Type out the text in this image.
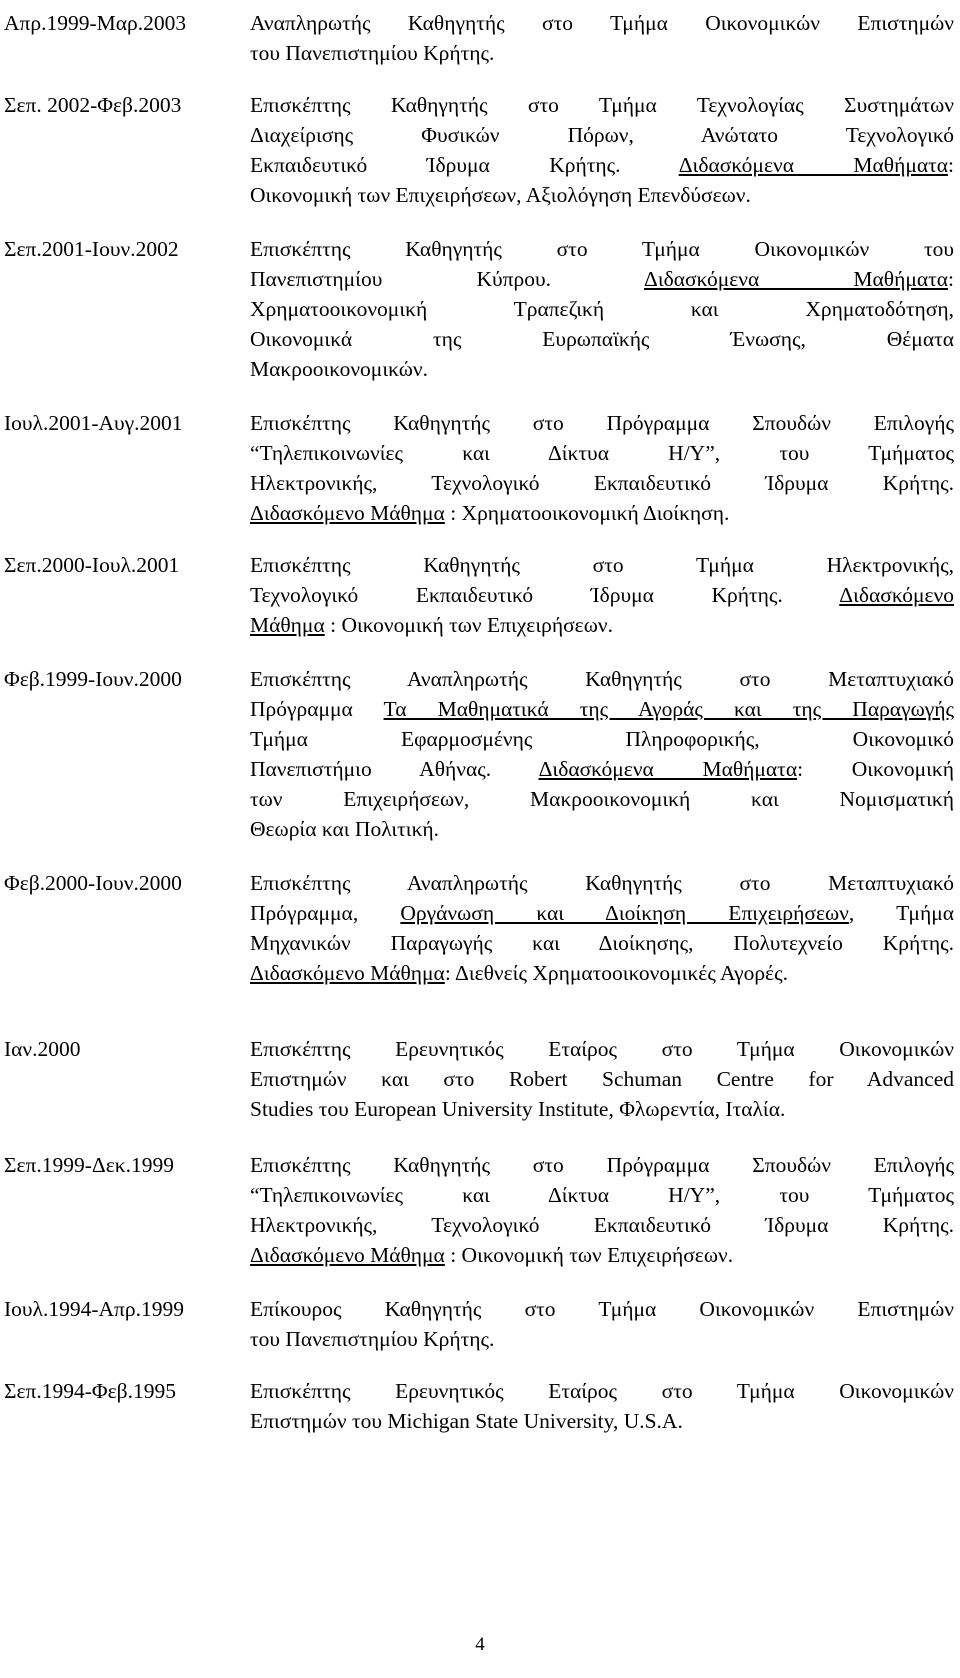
Απρ.1999-Μαρ.2003	Αναπληρωτής Καθηγητής στο Τμήμα Οικονομικών Επιστημών
του Πανεπιστημίου Κρήτης.
Σεπ. 2002-Φεβ.2003	Επισκέπτης Καθηγητής στο Τμήμα Τεχνολογίας Συστημάτων
Διαχείρισης Φυσικών Πόρων, Ανώτατο Τεχνολογικό
Εκπαιδευτικό Ίδρυμα Κρήτης. Διδασκόμενα Μαθήματα:
Οικονομική των Επιχειρήσεων, Αξιολόγηση Επενδύσεων.
Σεπ.2001-Ιουν.2002	Επισκέπτης Καθηγητής στο Τμήμα Οικονομικών του
Πανεπιστημίου Κύπρου. Διδασκόμενα Μαθήματα:
Χρηματοοικονομική Τραπεζική και Χρηματοδότηση,
Οικονομικά της Ευρωπαϊκής Ένωσης, Θέματα
Μακροοικονομικών.
Ιουλ.2001-Αυγ.2001	Επισκέπτης Καθηγητής στο Πρόγραμμα Σπουδών Επιλογής
“Τηλεπικοινωνίες και Δίκτυα Η/Υ”, του Τμήματος
Ηλεκτρονικής, Τεχνολογικό Εκπαιδευτικό Ίδρυμα Κρήτης.
Διδασκόμενο Μάθημα : Χρηματοοικονομική Διοίκηση.
Σεπ.2000-Ιουλ.2001	Επισκέπτης Καθηγητής στο Τμήμα Ηλεκτρονικής,
Τεχνολογικό Εκπαιδευτικό Ίδρυμα Κρήτης. Διδασκόμενο
Μάθημα : Οικονομική των Επιχειρήσεων.
Φεβ.1999-Ιουν.2000	Επισκέπτης Αναπληρωτής Καθηγητής στο Μεταπτυχιακό
Πρόγραμμα Τα Μαθηματικά της Αγοράς και της Παραγωγής
Τμήμα Εφαρμοσμένης Πληροφορικής, Οικονομικό
Πανεπιστήμιο Αθήνας. Διδασκόμενα Μαθήματα: Οικονομική
των Επιχειρήσεων, Μακροοικονομική και Νομισματική
Θεωρία και Πολιτική.
Φεβ.2000-Ιουν.2000	Επισκέπτης Αναπληρωτής Καθηγητής στο Μεταπτυχιακό
Πρόγραμμα, Οργάνωση και Διοίκηση Επιχειρήσεων, Τμήμα
Μηχανικών Παραγωγής και Διοίκησης, Πολυτεχνείο Κρήτης.
Διδασκόμενο Μάθημα: Διεθνείς Χρηματοοικονομικές Αγορές.
Ιαν.2000	Επισκέπτης Ερευνητικός Εταίρος στο Τμήμα Οικονομικών
Επιστημών και στο Robert Schuman Centre for Advanced
Studies του European University Institute, Φλωρεντία, Ιταλία.
Σεπ.1999-Δεκ.1999	Επισκέπτης Καθηγητής στο Πρόγραμμα Σπουδών Επιλογής
“Τηλεπικοινωνίες και Δίκτυα Η/Υ”, του Τμήματος
Ηλεκτρονικής, Τεχνολογικό Εκπαιδευτικό Ίδρυμα Κρήτης.
Διδασκόμενο Μάθημα : Οικονομική των Επιχειρήσεων.
Ιουλ.1994-Απρ.1999	Επίκουρος Καθηγητής στο Τμήμα Οικονομικών Επιστημών
του Πανεπιστημίου Κρήτης.
Σεπ.1994-Φεβ.1995	Επισκέπτης Ερευνητικός Εταίρος στο Τμήμα Οικονομικών
Επιστημών του Michigan State University, U.S.A.
4
